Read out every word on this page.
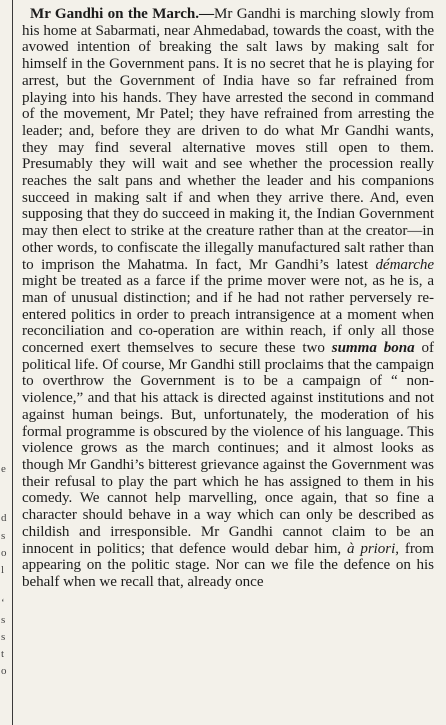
e
d
s
o
l
‘
s
s
t
o

Mr Gandhi on the March.—Mr Gandhi is marching slowly from his home at Sabarmati, near Ahmedabad, towards the coast, with the avowed intention of breaking the salt laws by making salt for himself in the Government pans. It is no secret that he is playing for arrest, but the Government of India have so far refrained from playing into his hands. They have arrested the second in command of the movement, Mr Patel; they have refrained from arresting the leader; and, before they are driven to do what Mr Gandhi wants, they may find several alternative moves still open to them. Presumably they will wait and see whether the procession really reaches the salt pans and whether the leader and his companions succeed in making salt if and when they arrive there. And, even supposing that they do succeed in making it, the Indian Government may then elect to strike at the creature rather than at the creator—in other words, to confiscate the illegally manufactured salt rather than to imprison the Mahatma. In fact, Mr Gandhi’s latest démarche might be treated as a farce if the prime mover were not, as he is, a man of unusual distinction; and if he had not rather perversely re-entered politics in order to preach intransigence at a moment when reconciliation and co-operation are within reach, if only all those concerned exert themselves to secure these two summa bona of political life. Of course, Mr Gandhi still proclaims that the campaign to overthrow the Government is to be a campaign of “ non-violence,” and that his attack is directed against institutions and not against human beings. But, unfortunately, the moderation of his formal programme is obscured by the violence of his language. This violence grows as the march continues; and it almost looks as though Mr Gandhi’s bitterest grievance against the Government was their refusal to play the part which he has assigned to them in his comedy. We cannot help marvelling, once again, that so fine a character should behave in a way which can only be described as childish and irresponsible. Mr Gandhi cannot claim to be an innocent in politics; that defence would debar him, à priori, from appearing on the politic stage. Nor can we file the defence on his behalf when we recall that, already once
